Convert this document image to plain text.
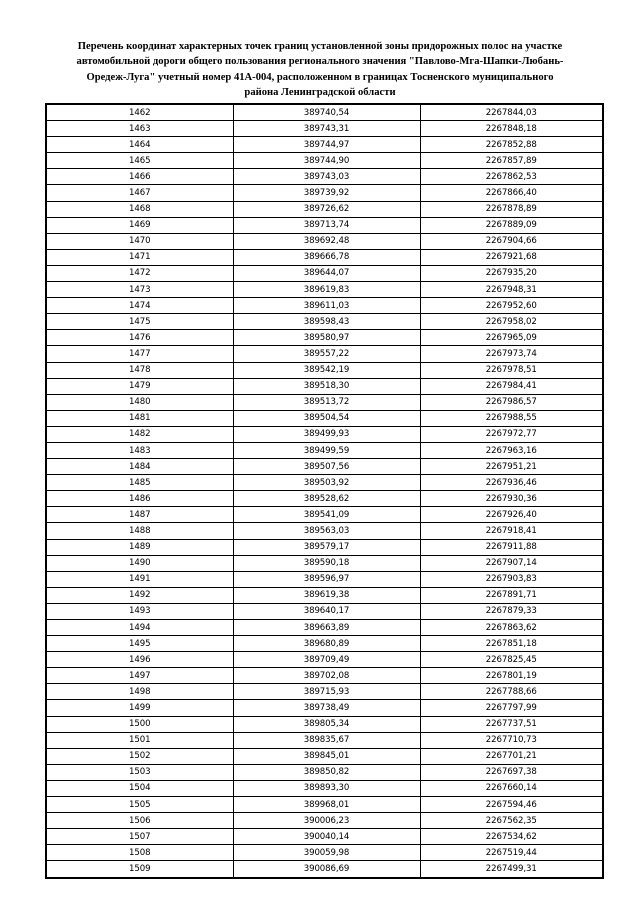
Перечень координат характерных точек границ установленной зоны придорожных полос на участке
автомобильной дороги общего пользования регионального значения "Павлово-Мга-Шапки-Любань-
Оредеж-Луга" учетный номер 41А-004, расположенном в границах Тосненского муниципального
района Ленинградской области
1462	389740,54	2267844,03
1463	389743,31	2267848,18
1464	389744,97	2267852,88
1465	389744,90	2267857,89
1466	389743,03	2267862,53
1467	389739,92	2267866,40
1468	389726,62	2267878,89
1469	389713,74	2267889,09
1470	389692,48	2267904,66
1471	389666,78	2267921,68
1472	389644,07	2267935,20
1473	389619,83	2267948,31
1474	389611,03	2267952,60
1475	389598,43	2267958,02
1476	389580,97	2267965,09
1477	389557,22	2267973,74
1478	389542,19	2267978,51
1479	389518,30	2267984,41
1480	389513,72	2267986,57
1481	389504,54	2267988,55
1482	389499,93	2267972,77
1483	389499,59	2267963,16
1484	389507,56	2267951,21
1485	389503,92	2267936,46
1486	389528,62	2267930,36
1487	389541,09	2267926,40
1488	389563,03	2267918,41
1489	389579,17	2267911,88
1490	389590,18	2267907,14
1491	389596,97	2267903,83
1492	389619,38	2267891,71
1493	389640,17	2267879,33
1494	389663,89	2267863,62
1495	389680,89	2267851,18
1496	389709,49	2267825,45
1497	389702,08	2267801,19
1498	389715,93	2267788,66
1499	389738,49	2267797,99
1500	389805,34	2267737,51
1501	389835,67	2267710,73
1502	389845,01	2267701,21
1503	389850,82	2267697,38
1504	389893,30	2267660,14
1505	389968,01	2267594,46
1506	390006,23	2267562,35
1507	390040,14	2267534,62
1508	390059,98	2267519,44
1509	390086,69	2267499,31
